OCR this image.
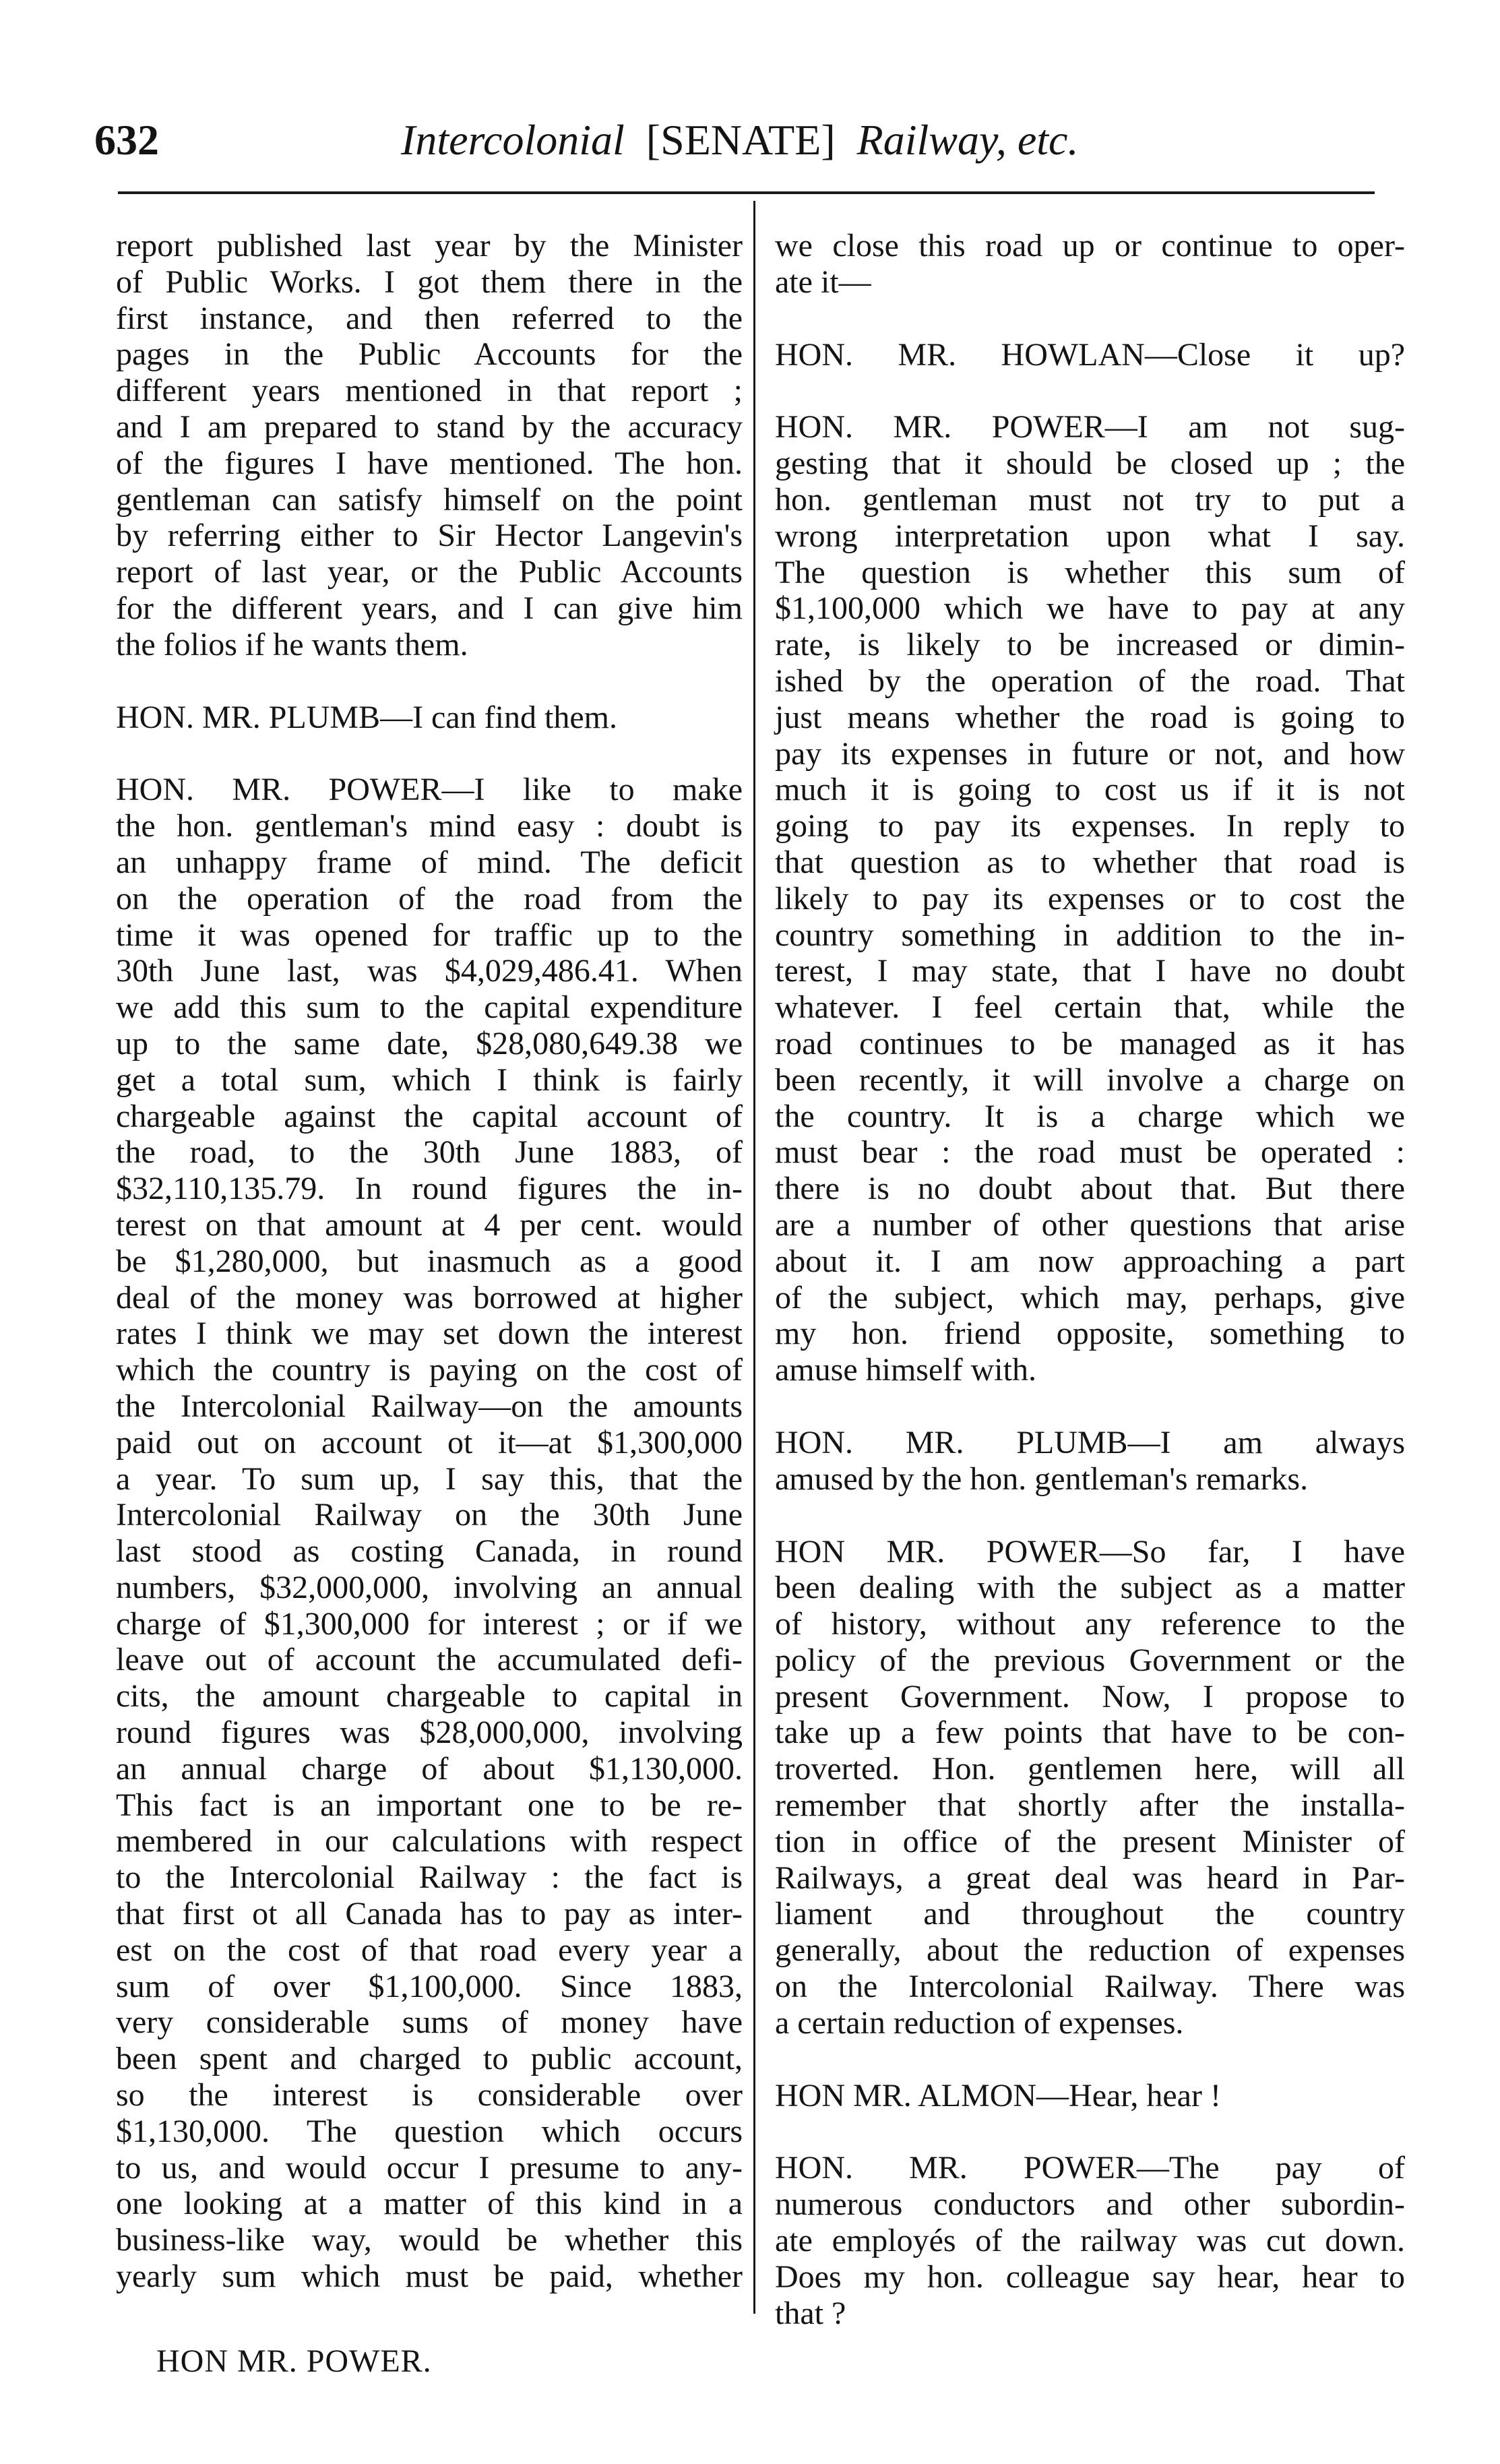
632	Intercolonial [SENATE] Railway, etc.
report published last year by the Minister
of Public Works. I got them there in the
first instance, and then referred to the
pages in the Public Accounts for the
different years mentioned in that report ;
and I am prepared to stand by the accuracy
of the figures I have mentioned. The hon.
gentleman can satisfy himself on the point
by referring either to Sir Hector Langevin's
report of last year, or the Public Accounts
for the different years, and I can give him
the folios if he wants them.
HON. MR. PLUMB—I can find them.
HON. MR. POWER—I like to make
the hon. gentleman's mind easy : doubt is
an unhappy frame of mind. The deficit
on the operation of the road from the
time it was opened for traffic up to the
30th June last, was $4,029,486.41. When
we add this sum to the capital expenditure
up to the same date, $28,080,649.38 we
get a total sum, which I think is fairly
chargeable against the capital account of
the road, to the 30th June 1883, of
$32,110,135.79. In round figures the in-
terest on that amount at 4 per cent. would
be $1,280,000, but inasmuch as a good
deal of the money was borrowed at higher
rates I think we may set down the interest
which the country is paying on the cost of
the Intercolonial Railway—on the amounts
paid out on account ot it—at $1,300,000
a year. To sum up, I say this, that the
Intercolonial Railway on the 30th June
last stood as costing Canada, in round
numbers, $32,000,000, involving an annual
charge of $1,300,000 for interest ; or if we
leave out of account the accumulated defi-
cits, the amount chargeable to capital in
round figures was $28,000,000, involving
an annual charge of about $1,130,000.
This fact is an important one to be re-
membered in our calculations with respect
to the Intercolonial Railway : the fact is
that first ot all Canada has to pay as inter-
est on the cost of that road every year a
sum of over $1,100,000. Since 1883,
very considerable sums of money have
been spent and charged to public account,
so the interest is considerable over
$1,130,000. The question which occurs
to us, and would occur I presume to any-
one looking at a matter of this kind in a
business-like way, would be whether this
yearly sum which must be paid, whether
we close this road up or continue to oper-
ate it—
HON. MR. HOWLAN—Close it up?
HON. MR. POWER—I am not sug-
gesting that it should be closed up ; the
hon. gentleman must not try to put a
wrong interpretation upon what I say.
The question is whether this sum of
$1,100,000 which we have to pay at any
rate, is likely to be increased or dimin-
ished by the operation of the road. That
just means whether the road is going to
pay its expenses in future or not, and how
much it is going to cost us if it is not
going to pay its expenses. In reply to
that question as to whether that road is
likely to pay its expenses or to cost the
country something in addition to the in-
terest, I may state, that I have no doubt
whatever. I feel certain that, while the
road continues to be managed as it has
been recently, it will involve a charge on
the country. It is a charge which we
must bear : the road must be operated :
there is no doubt about that. But there
are a number of other questions that arise
about it. I am now approaching a part
of the subject, which may, perhaps, give
my hon. friend opposite, something to
amuse himself with.
HON. MR. PLUMB—I am always
amused by the hon. gentleman's remarks.
HON MR. POWER—So far, I have
been dealing with the subject as a matter
of history, without any reference to the
policy of the previous Government or the
present Government. Now, I propose to
take up a few points that have to be con-
troverted. Hon. gentlemen here, will all
remember that shortly after the installa-
tion in office of the present Minister of
Railways, a great deal was heard in Par-
liament and throughout the country
generally, about the reduction of expenses
on the Intercolonial Railway. There was
a certain reduction of expenses.
HON MR. ALMON—Hear, hear !
HON. MR. POWER—The pay of
numerous conductors and other subordin-
ate employés of the railway was cut down.
Does my hon. colleague say hear, hear to
that ?
HON MR. POWER.
